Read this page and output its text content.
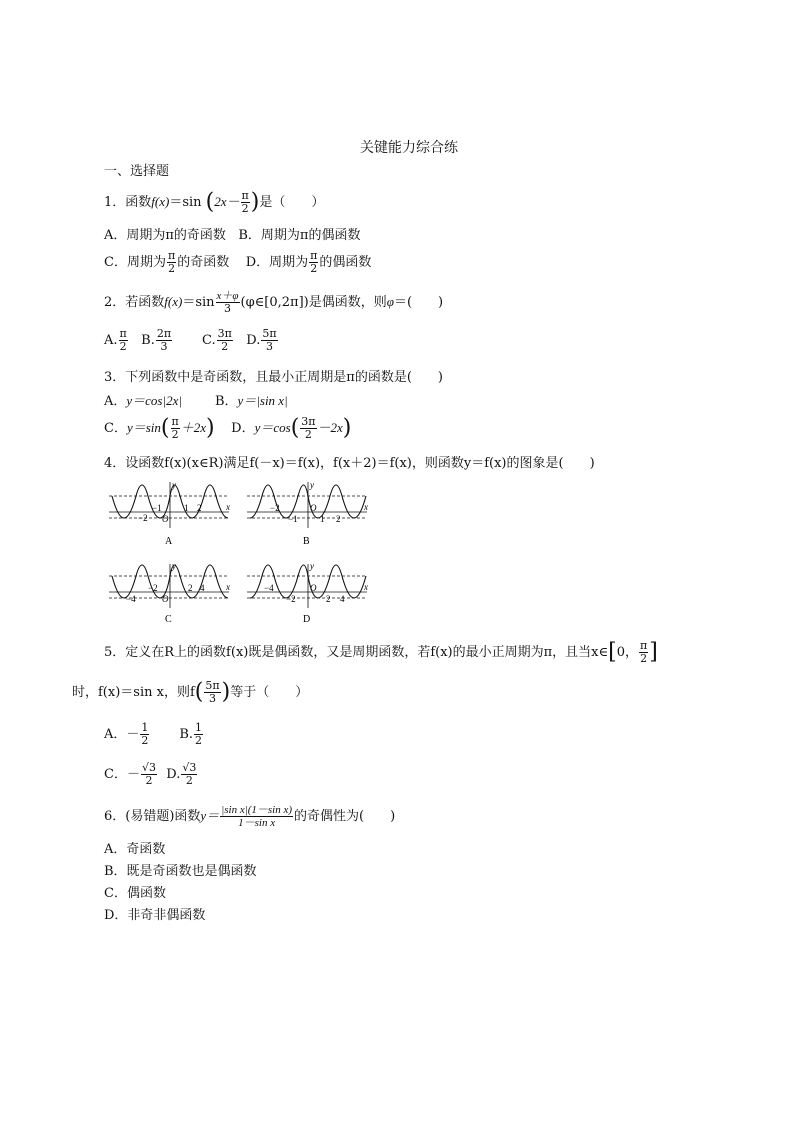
关键能力综合练
一、选择题
1．函数f(x)＝sin ($2x- \frac{\pi}{2}$ )是（　　）
A．周期为π的奇函数 B．周期为π的偶函数
C．周期为 $\frac{\pi}{2}$ 的奇函数 D．周期为 $\frac{\pi}{2}$ 的偶函数
2．若函数$f(x)=\sin \frac{x+\varphi}{3}$ (φ∈[0,2π])是偶函数，则φ＝(　　)
A. $\frac{\pi}{2} B$. $\frac{2\pi}{3} C$. $\frac{3\pi}{2} D$. $\frac{5\pi}{3}$
3．下列函数中是奇函数，且最小正周期是π的函数是(　　)
A．y＝cos|2x|	B．y＝|sin x|
C．$y=\sin( \frac{\pi}{2} +2x)$ D．$y=\cos( \frac{3\pi}{2} -2x)$
4．设函数f(x)(x∈R)满足f(－x)＝f(x)，f(x＋2)＝f(x)，则函数y＝f(x)的图象是(　　)
y
x
O
−2
−1 1 2
A
y
x
O
−2
−1 1 2
B
y
x
O
−4
−2	2 4
C
y
x
O
−4
−2	2 4
D
5．定义在R上的函数f(x)既是偶函数，又是周期函数，若f(x)的最小正周期为π，且当x∈[0， $\frac{\pi}{2}$ ]
时，f(x)＝sin x，则$f( \frac{5\pi}{3}$ )等于（　　）
A．－ $\frac{1}{2} B$. $\frac{1}{2}$
C．－ $\frac{√3}{2} D$. $\frac{√3}{2}$
6．(易错题)函数$y= \frac{\text{|sin x|(1－sin x)}}{\text{1－sin x}}$ 的奇偶性为(　　)
A．奇函数
B．既是奇函数也是偶函数
C．偶函数
D．非奇非偶函数
